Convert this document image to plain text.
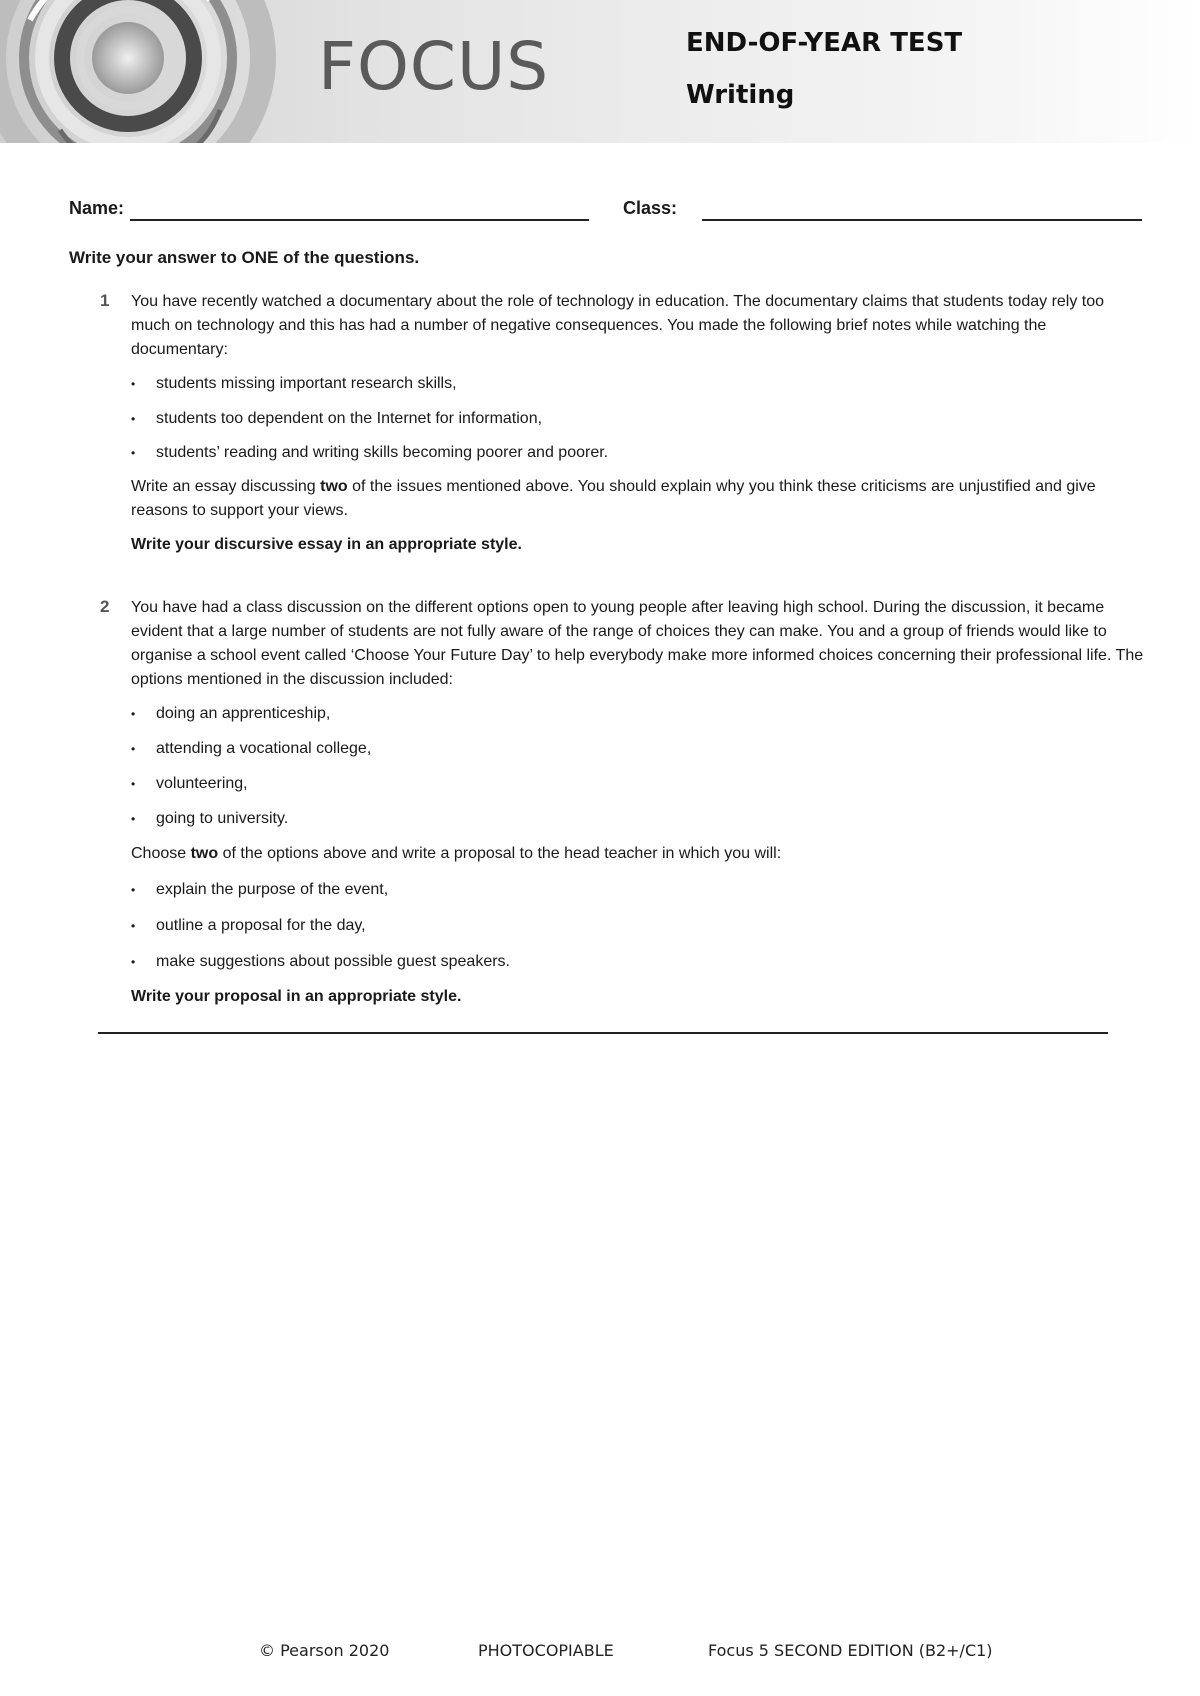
FOCUS	END-OF-YEAR TEST
Writing
Name:	Class:
Write your answer to ONE of the questions.
1 You have recently watched a documentary about the role of technology in education. The documentary claims that students today rely too much on technology and this has had a number of negative consequences. You made the following brief notes while watching the documentary:

• students missing important research skills,

• students too dependent on the Internet for information,

• students’ reading and writing skills becoming poorer and poorer.

Write an essay discussing two of the issues mentioned above. You should explain why you think these criticisms are unjustified and give reasons to support your views.

Write your discursive essay in an appropriate style.

2 You have had a class discussion on the different options open to young people after leaving high school. During the discussion, it became evident that a large number of students are not fully aware of the range of choices they can make. You and a group of friends would like to organise a school event called ‘Choose Your Future Day’ to help everybody make more informed choices concerning their professional life. The options mentioned in the discussion included:

• doing an apprenticeship,

• attending a vocational college,

• volunteering,

• going to university.

Choose two of the options above and write a proposal to the head teacher in which you will:

• explain the purpose of the event,

• outline a proposal for the day,

• make suggestions about possible guest speakers.

Write your proposal in an appropriate style.

© Pearson 2020	PHOTOCOPIABLE	Focus 5 SECOND EDITION (B2+/C1)
